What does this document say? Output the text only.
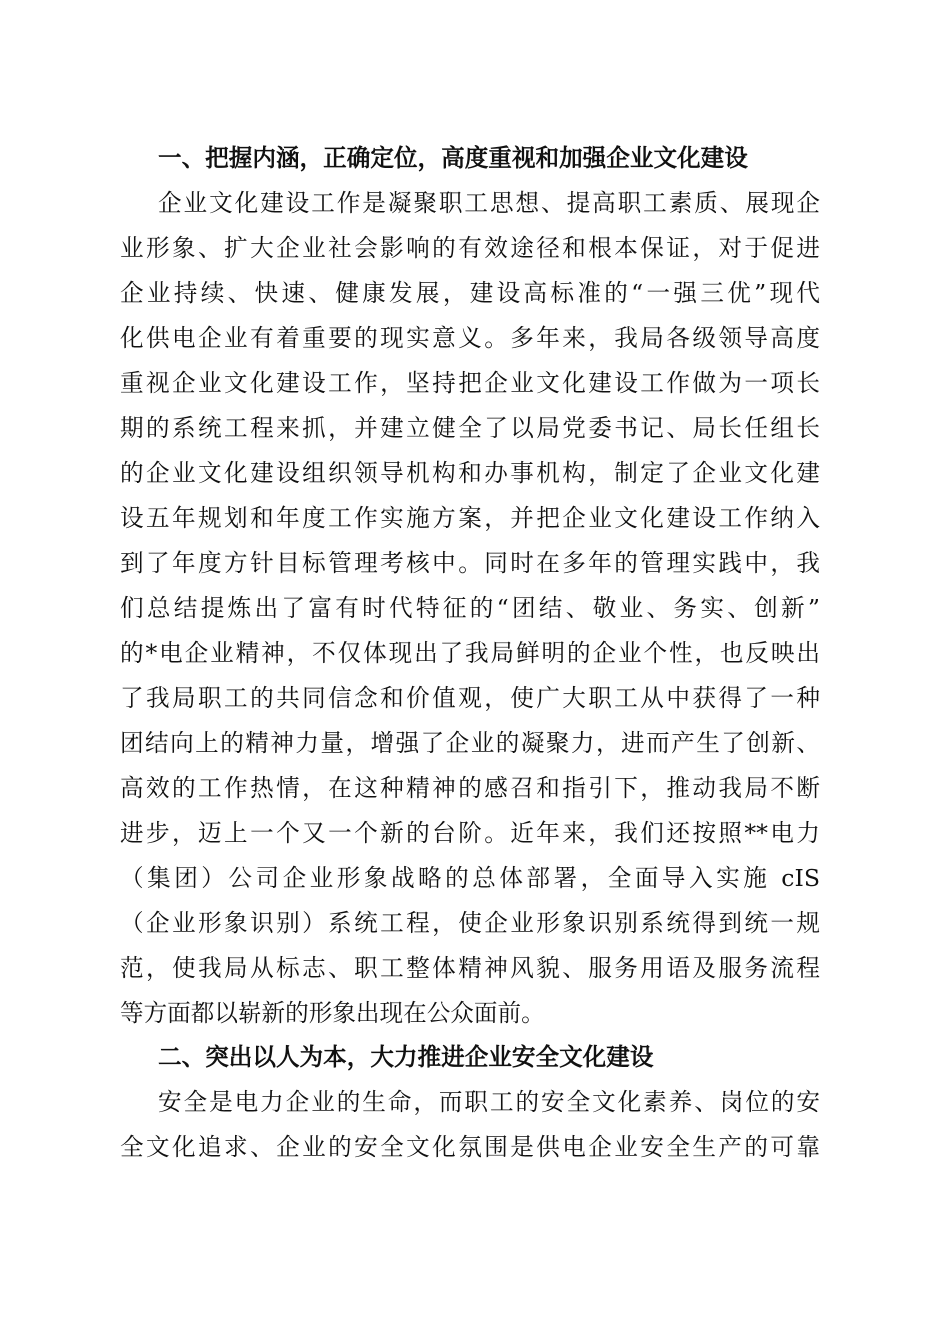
一、把握内涵，正确定位，高度重视和加强企业文化建设
企业文化建设工作是凝聚职工思想、提高职工素质、展现企
业形象、扩大企业社会影响的有效途径和根本保证，对于促进
企业持续、快速、健康发展，建设高标准的“一强三优”现代
化供电企业有着重要的现实意义。多年来，我局各级领导高度
重视企业文化建设工作，坚持把企业文化建设工作做为一项长
期的系统工程来抓，并建立健全了以局党委书记、局长任组长
的企业文化建设组织领导机构和办事机构，制定了企业文化建
设五年规划和年度工作实施方案，并把企业文化建设工作纳入
到了年度方针目标管理考核中。同时在多年的管理实践中，我
们总结提炼出了富有时代特征的“团结、敬业、务实、创新”
的*电企业精神，不仅体现出了我局鲜明的企业个性，也反映出
了我局职工的共同信念和价值观，使广大职工从中获得了一种
团结向上的精神力量，增强了企业的凝聚力，进而产生了创新、
高效的工作热情，在这种精神的感召和指引下，推动我局不断
进步，迈上一个又一个新的台阶。近年来，我们还按照**电力
（集团）公司企业形象战略的总体部署，全面导入实施 cIS
（企业形象识别）系统工程，使企业形象识别系统得到统一规
范，使我局从标志、职工整体精神风貌、服务用语及服务流程
等方面都以崭新的形象出现在公众面前。
二、突出以人为本，大力推进企业安全文化建设
安全是电力企业的生命，而职工的安全文化素养、岗位的安
全文化追求、企业的安全文化氛围是供电企业安全生产的可靠
